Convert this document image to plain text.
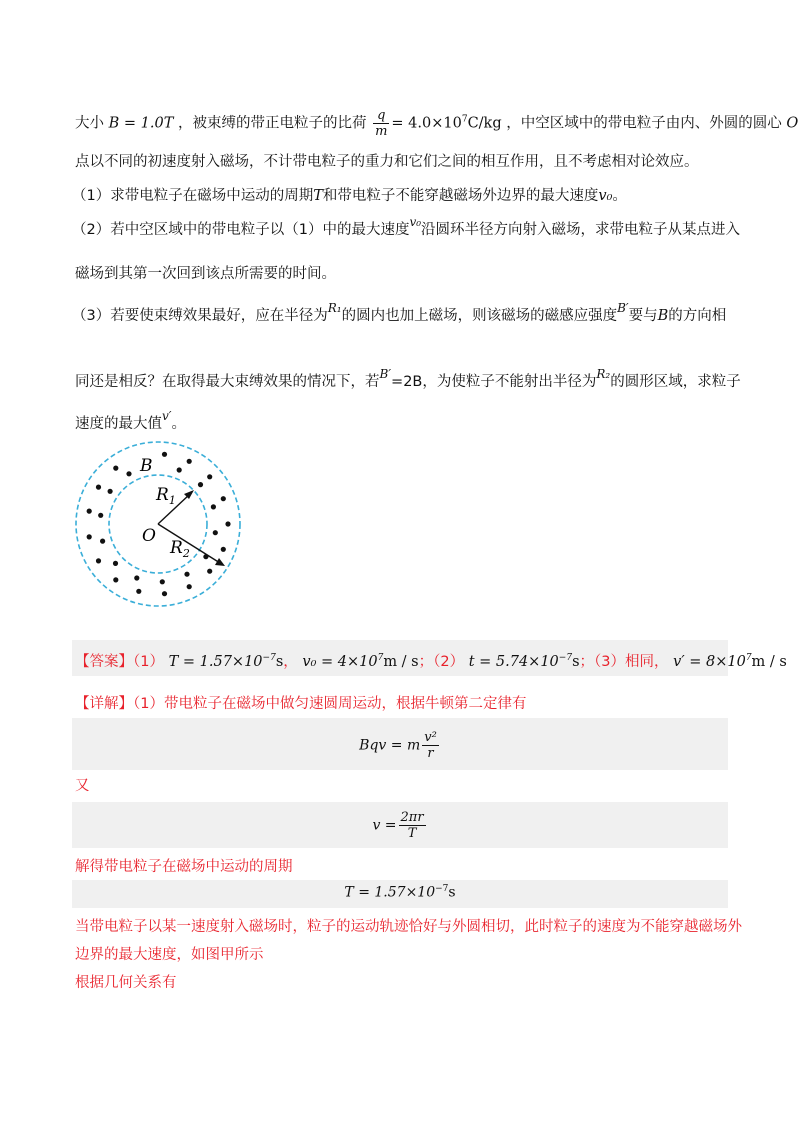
大小 B = 1.0T ，被束缚的带正电粒子的比荷 $\frac{q}{m} = 4.0\times 10^7C/kg$ ，中空区域中的带电粒子由内、外圆的圆心 O
点以不同的初速度射入磁场，不计带电粒子的重力和它们之间的相互作用，且不考虑相对论效应。
（1）求带电粒子在磁场中运动的周期T和带电粒子不能穿越磁场外边界的最大速度v₀。
（2）若中空区域中的带电粒子以（1）中的最大速度$^{v_0}$沿圆环半径方向射入磁场，求带电粒子从某点进入
磁场到其第一次回到该点所需要的时间。
（3）若要使束缚效果最好，应在半径为$^{R_1}$的圆内也加上磁场，则该磁场的磁感应强度$^{B'}$要与B的方向相
同还是相反？在取得最大束缚效果的情况下，若$^{B'}$=2B，为使粒子不能射出半径为$^{R_2}$的圆形区域，求粒子
速度的最大值$^{v'}$。
B
$R_1$
O
$R_2$
【答案】（1） $T = 1.57\times 10^{-7}s$， $v_0 = 4\times 10^7m / s$；（2） $t = 5.74\times 10^{-7}s$；（3）相同， $v' = 8\times 10^7m / s$
【详解】（1）带电粒子在磁场中做匀速圆周运动，根据牛顿第二定律有
Bqv = m $\frac{\text{v²}}{r}$
又
$v = \frac{2\pi r}{T}$
解得带电粒子在磁场中运动的周期
$T = 1.57\times 10^{-7}s$
当带电粒子以某一速度射入磁场时，粒子的运动轨迹恰好与外圆相切，此时粒子的速度为不能穿越磁场外
边界的最大速度，如图甲所示
根据几何关系有
